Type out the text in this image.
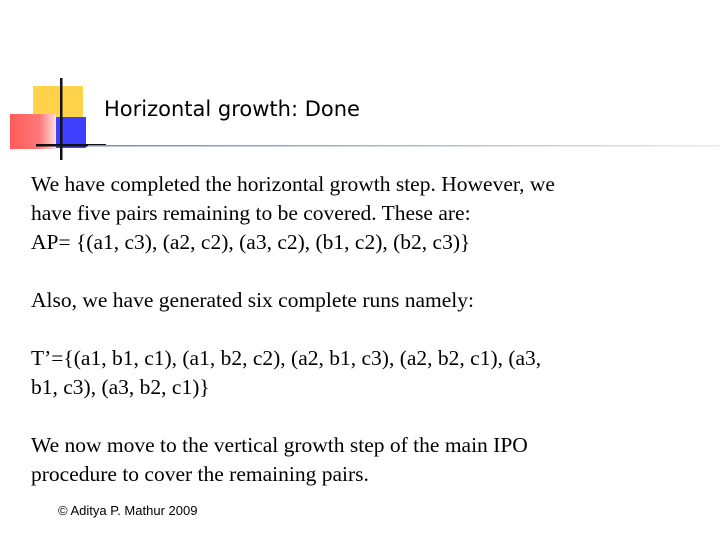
Horizontal growth: Done

We have completed the horizontal growth step. However, we
have five pairs remaining to be covered. These are:
AP= {(a1, c3), (a2, c2), (a3, c2), (b1, c2), (b2, c3)}

Also, we have generated six complete runs namely:

T’={(a1, b1, c1), (a1, b2, c2), (a2, b1, c3), (a2, b2, c1), (a3,
b1, c3), (a3, b2, c1)}

We now move to the vertical growth step of the main IPO
procedure to cover the remaining pairs.

© Aditya P. Mathur 2009
